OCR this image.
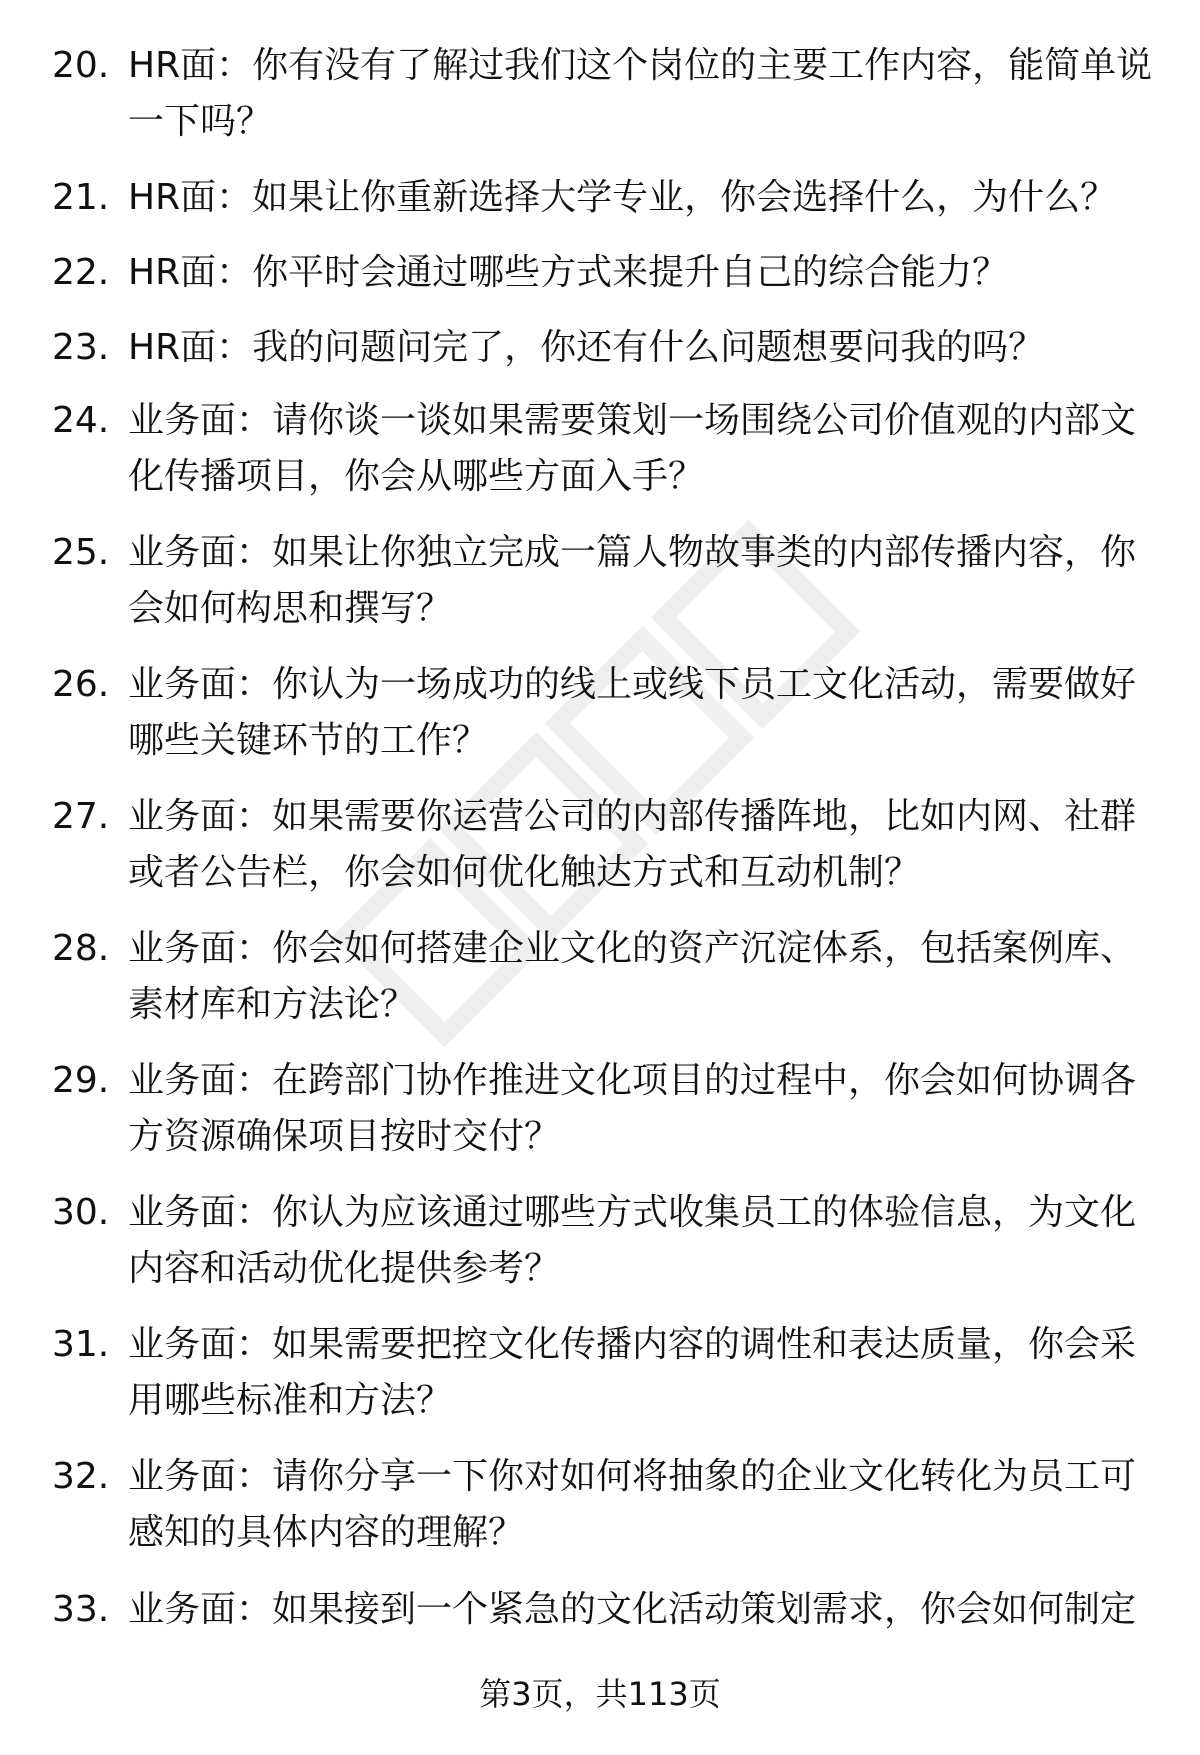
20. HR面：你有没有了解过我们这个岗位的主要工作内容，能简单说一下吗？
21. HR面：如果让你重新选择大学专业，你会选择什么，为什么？
22. HR面：你平时会通过哪些方式来提升自己的综合能力？
23. HR面：我的问题问完了，你还有什么问题想要问我的吗？
24. 业务面：请你谈一谈如果需要策划一场围绕公司价值观的内部文化传播项目，你会从哪些方面入手？
25. 业务面：如果让你独立完成一篇人物故事类的内部传播内容，你会如何构思和撰写？
26. 业务面：你认为一场成功的线上或线下员工文化活动，需要做好哪些关键环节的工作？
27. 业务面：如果需要你运营公司的内部传播阵地，比如内网、社群或者公告栏，你会如何优化触达方式和互动机制？
28. 业务面：你会如何搭建企业文化的资产沉淀体系，包括案例库、素材库和方法论？
29. 业务面：在跨部门协作推进文化项目的过程中，你会如何协调各方资源确保项目按时交付？
30. 业务面：你认为应该通过哪些方式收集员工的体验信息，为文化内容和活动优化提供参考？
31. 业务面：如果需要把控文化传播内容的调性和表达质量，你会采用哪些标准和方法？
32. 业务面：请你分享一下你对如何将抽象的企业文化转化为员工可感知的具体内容的理解？
33. 业务面：如果接到一个紧急的文化活动策划需求，你会如何制定
第3页，共113页
